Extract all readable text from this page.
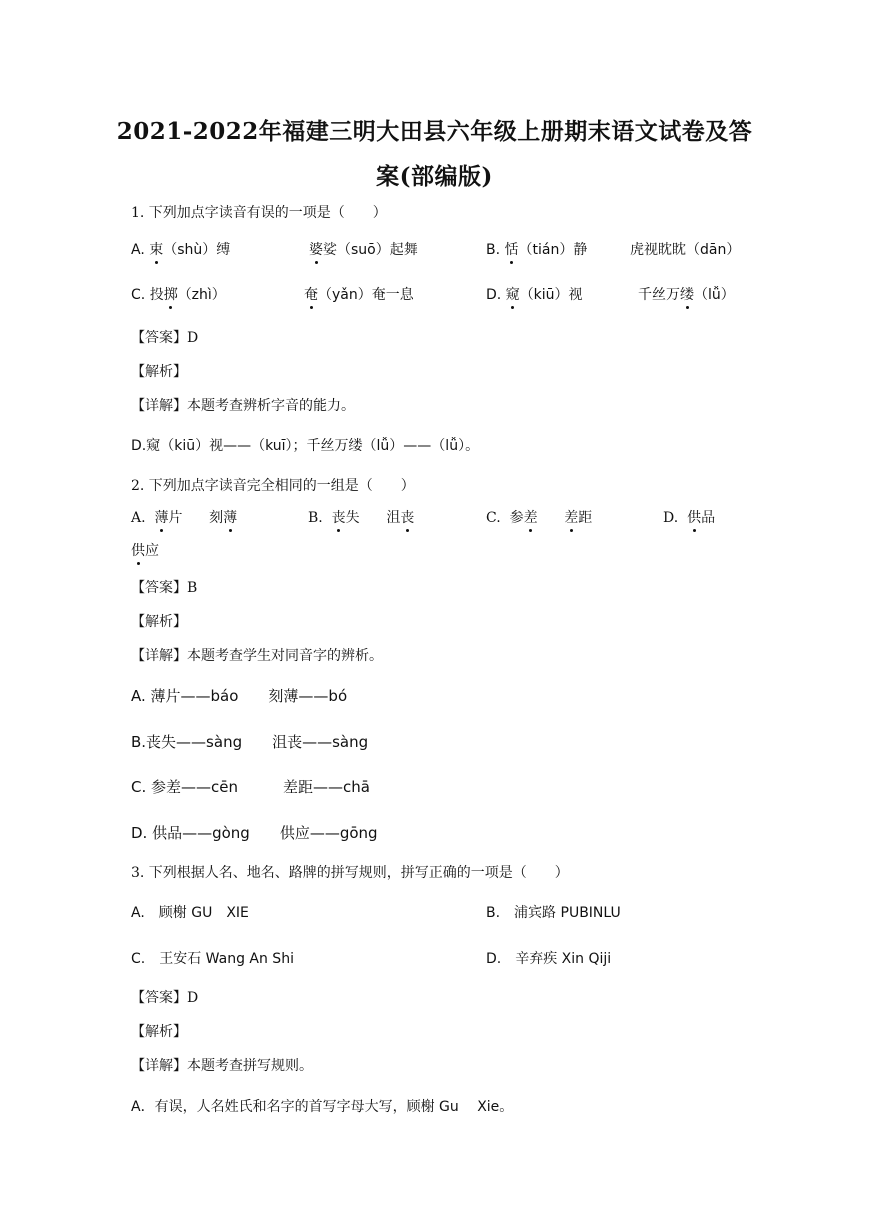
2021-2022年福建三明大田县六年级上册期末语文试卷及答
案(部编版)
1. 下列加点字读音有误的一项是（　　）
A. 束（shù）缚	婆娑（suō）起舞	B. 恬（tián）静	虎视眈眈（dān）
C. 投掷（zhì）	奄（yǎn）奄一息	D. 窥（kiū）视	千丝万缕（lǚ）
【答案】D
【解析】
【详解】本题考查辨析字音的能力。
D.窥（kiū）视——（kuī）；千丝万缕（lǚ）——（lǚ）。
2. 下列加点字读音完全相同的一组是（　　）
A. 薄片 刻薄	B. 丧失 沮丧	C. 参差 差距	D. 供品
供应
【答案】B
【解析】
【详解】本题考查学生对同音字的辨析。
A. 薄片——báo　　刻薄——bó
B.丧失——sàng　　沮丧——sàng
C. 参差——cēn　　　差距——chā
D. 供品——gòng　　供应——gōng
3. 下列根据人名、地名、路牌的拼写规则，拼写正确的一项是（　　）
A.　顾榭 GU　XIE	B.　浦宾路 PUBINLU
C.　王安石 Wang An Shi	D.　辛弃疾 Xin Qiji
【答案】D
【解析】
【详解】本题考查拼写规则。
A．有误，人名姓氏和名字的首写字母大写，顾榭 Gu　 Xie。
